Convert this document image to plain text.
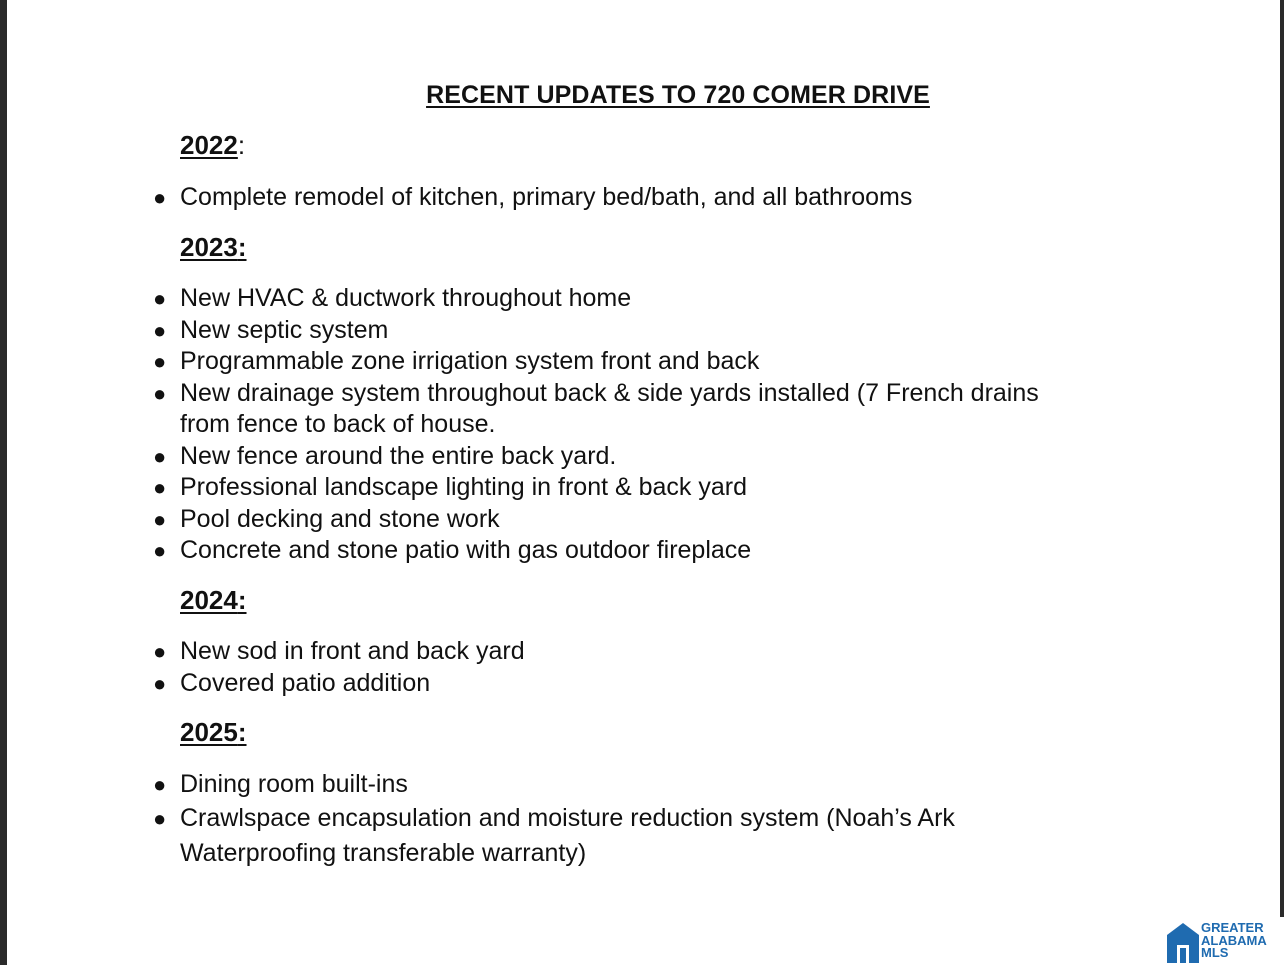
RECENT UPDATES TO 720 COMER DRIVE
2022:
● Complete remodel of kitchen, primary bed/bath, and all bathrooms
2023:
● New HVAC & ductwork throughout home
● New septic system
● Programmable zone irrigation system front and back
● New drainage system throughout back & side yards installed (7 French drains
from fence to back of house.
● New fence around the entire back yard.
● Professional landscape lighting in front & back yard
● Pool decking and stone work
● Concrete and stone patio with gas outdoor fireplace
2024:
● New sod in front and back yard
● Covered patio addition
2025:
● Dining room built-ins
● Crawlspace encapsulation and moisture reduction system (Noah’s Ark
Waterproofing transferable warranty)
GREATER
ALABAMA
MLS
